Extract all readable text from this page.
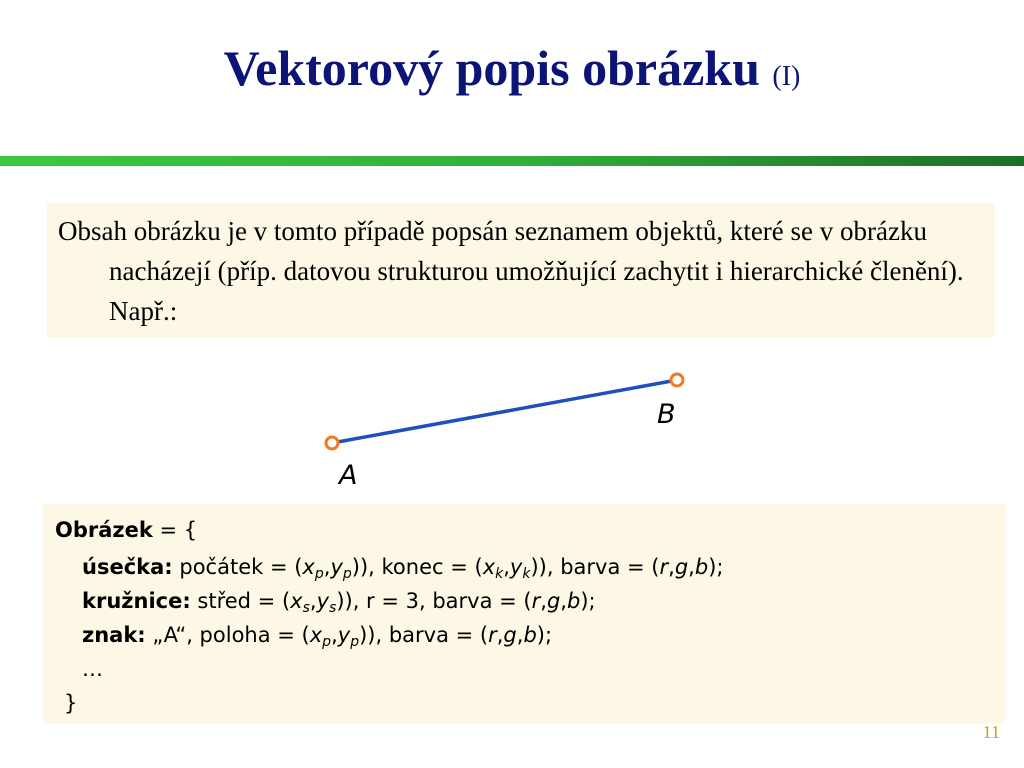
Vektorový popis obrázku (I)

Obsah obrázku je v tomto případě popsán seznamem objektů, které se v obrázku nacházejí (příp. datovou strukturou umožňující zachytit i hierarchické členění). Např.:

B
A

Obrázek = {

úsečka: počátek = $(x_p,y_p)$), konec = $(x_k,y_k)$), barva = (r,g,b);

kružnice: střed = $(x_s,y_s)$), r = 3, barva = (r,g,b);

znak: „A“, poloha = $(x_p,y_p)$), barva = (r,g,b);

…

}

11
